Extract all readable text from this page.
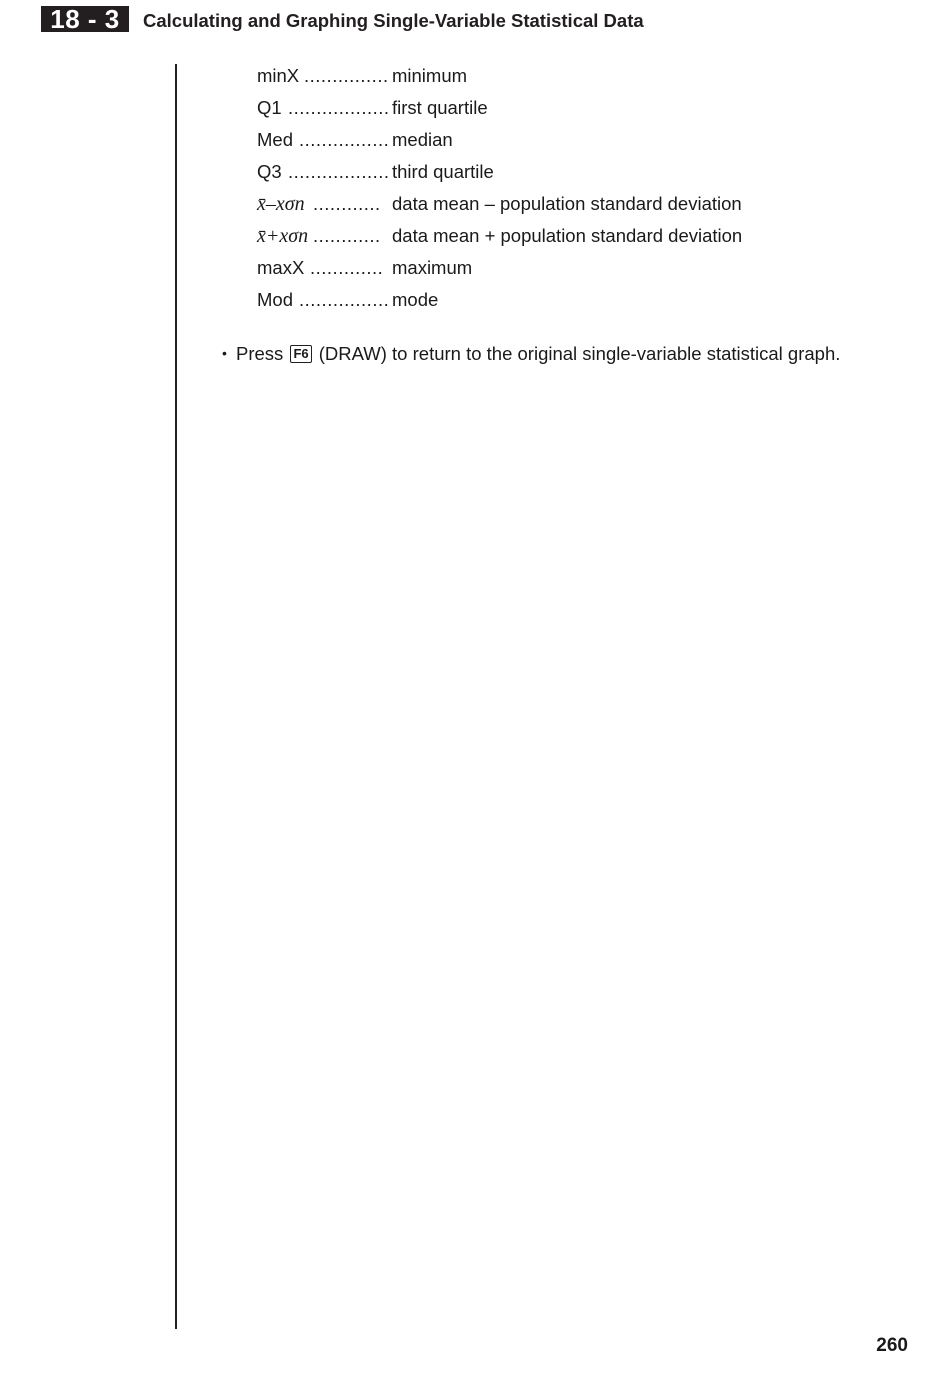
18 - 3	Calculating and Graphing Single-Variable Statistical Data
minX ............... minimum
Q1 .................. first quartile
Med ................ median
Q3 .................. third quartile
x̄–xσn ............ data mean – population standard deviation
x̄+xσn ............ data mean + population standard deviation
maxX ............. maximum
Mod ................ mode
• Press F6 (DRAW) to return to the original single-variable statistical graph.
260
